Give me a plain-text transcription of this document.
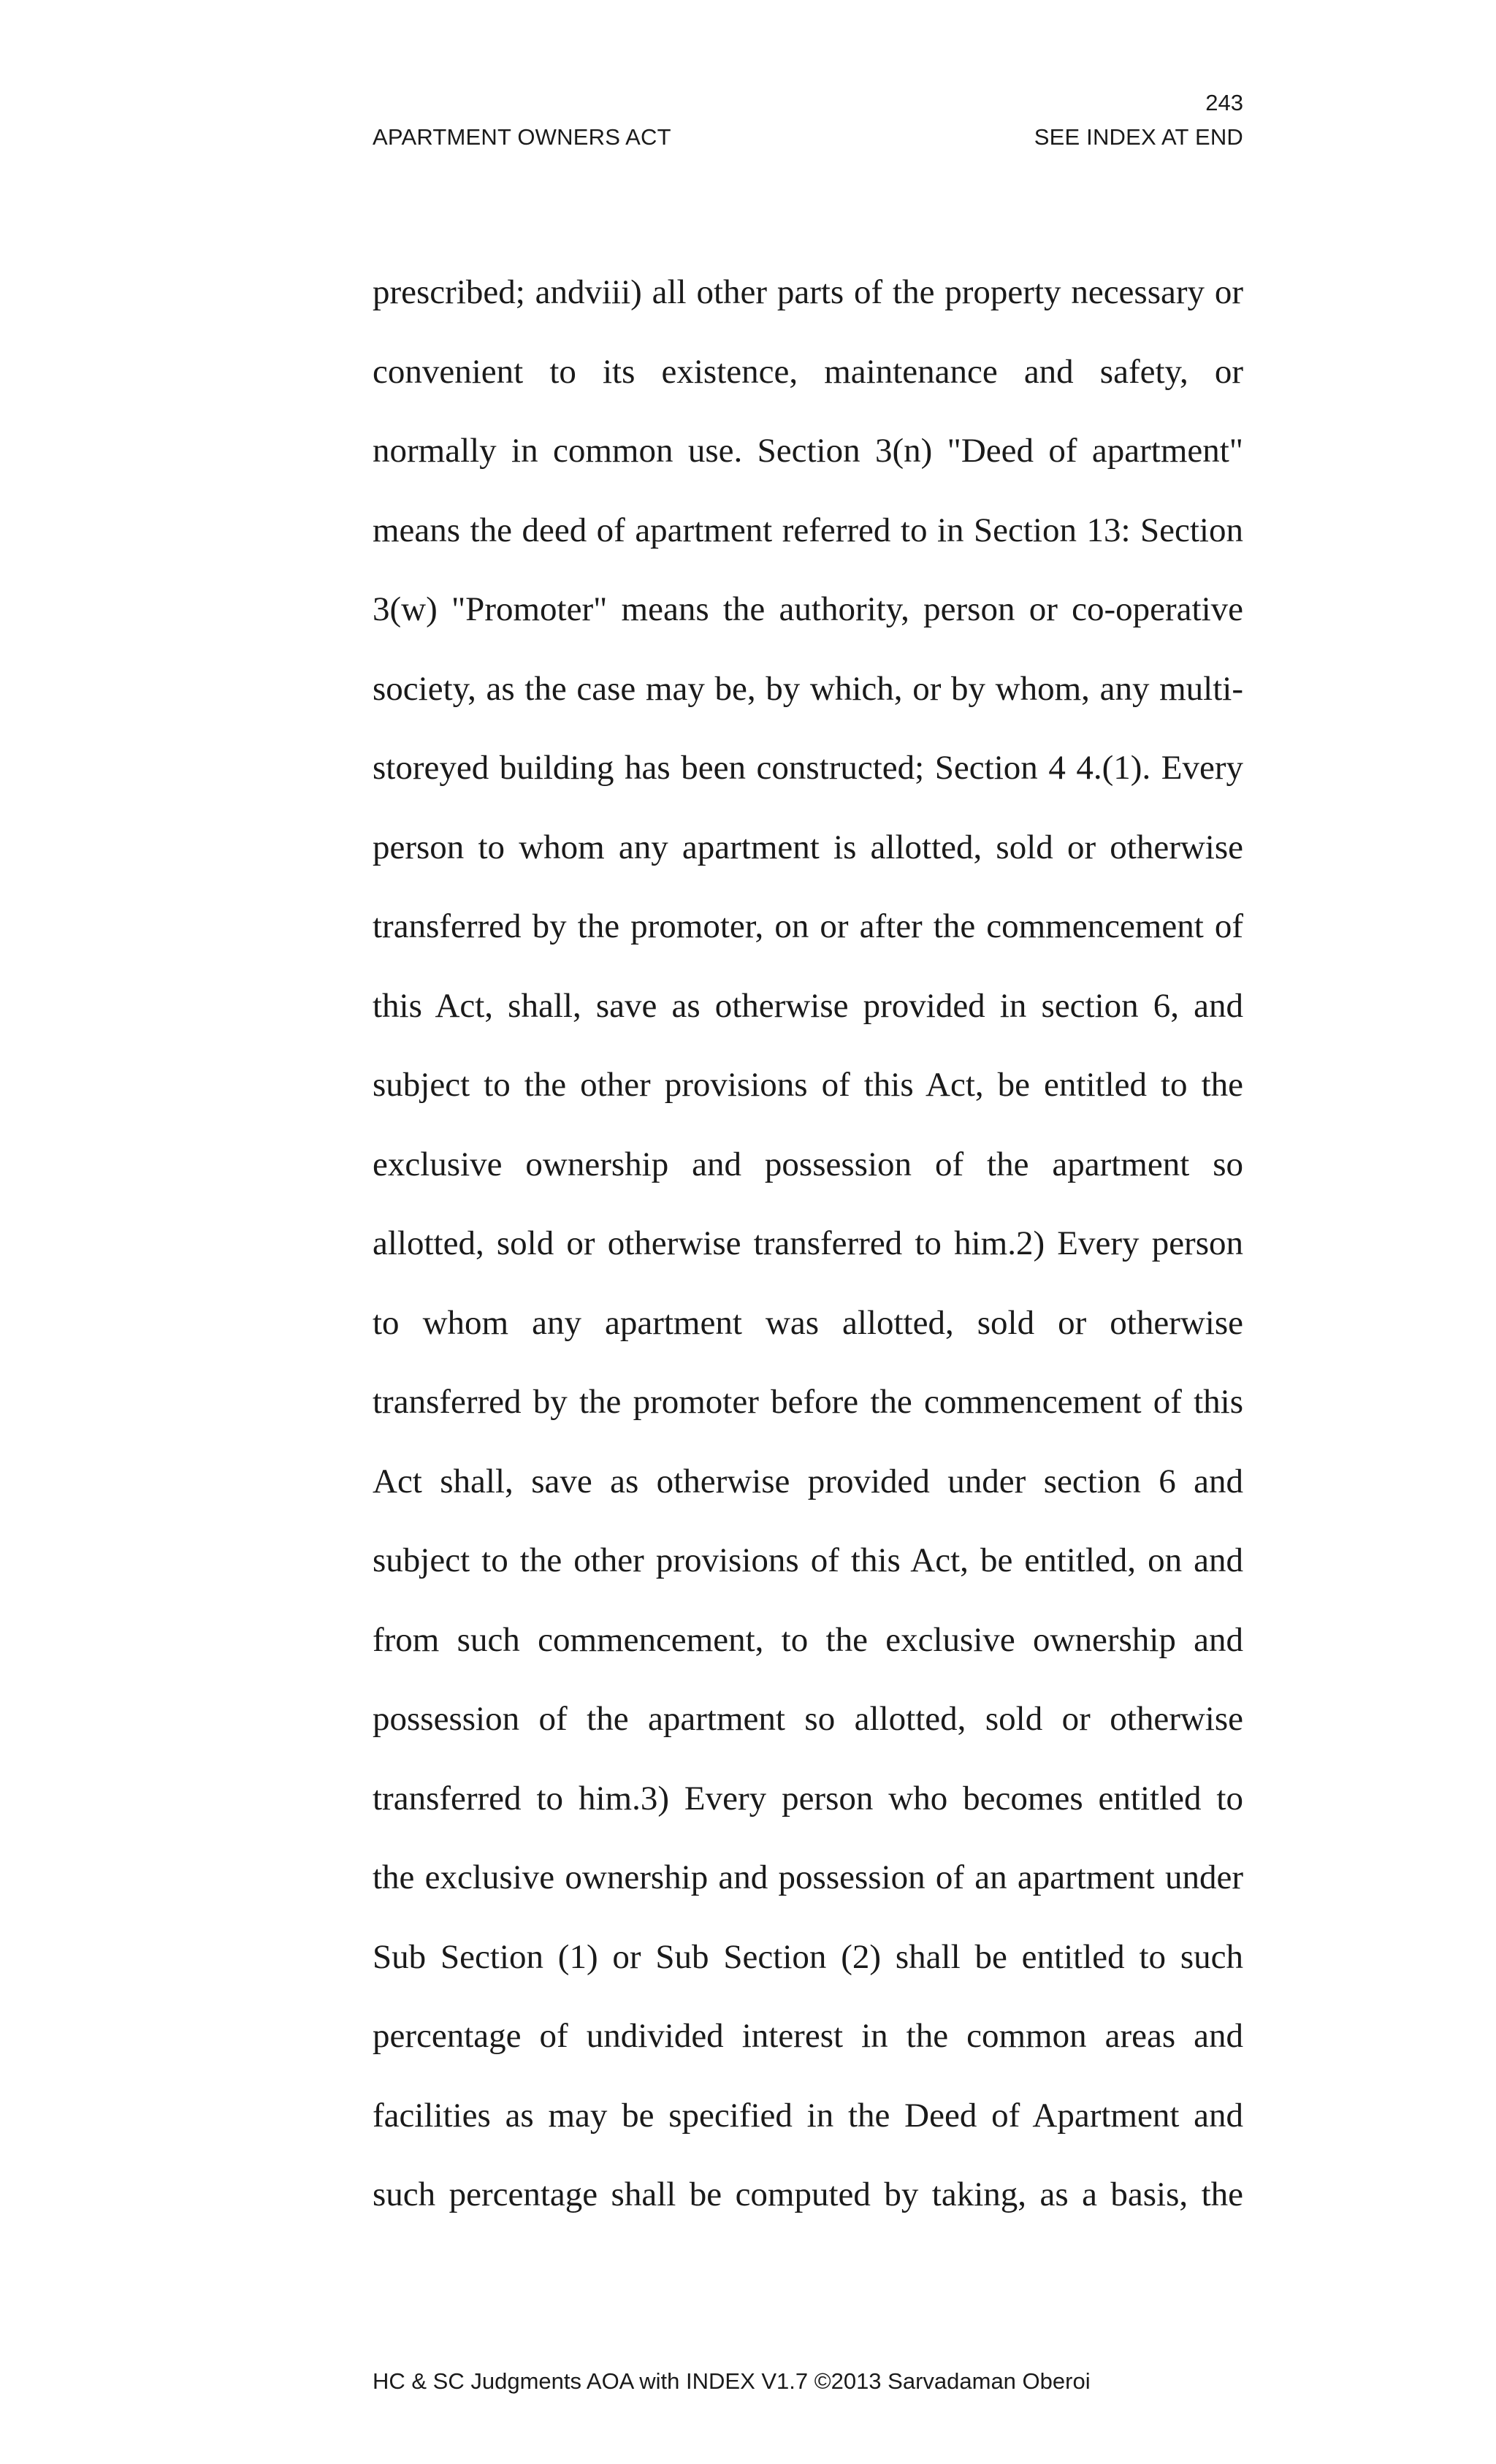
243
APARTMENT OWNERS ACT	SEE INDEX AT END
prescribed; andviii) all other parts of the property necessary or
convenient to its existence, maintenance and safety, or
normally in common use. Section 3(n) "Deed of apartment"
means the deed of apartment referred to in Section 13: Section
3(w) "Promoter" means the authority, person or co-operative
society, as the case may be, by which, or by whom, any multi-
storeyed building has been constructed; Section 4 4.(1). Every
person to whom any apartment is allotted, sold or otherwise
transferred by the promoter, on or after the commencement of
this Act, shall, save as otherwise provided in section 6, and
subject to the other provisions of this Act, be entitled to the
exclusive ownership and possession of the apartment so
allotted, sold or otherwise transferred to him.2) Every person
to whom any apartment was allotted, sold or otherwise
transferred by the promoter before the commencement of this
Act shall, save as otherwise provided under section 6 and
subject to the other provisions of this Act, be entitled, on and
from such commencement, to the exclusive ownership and
possession of the apartment so allotted, sold or otherwise
transferred to him.3) Every person who becomes entitled to
the exclusive ownership and possession of an apartment under
Sub Section (1) or Sub Section (2) shall be entitled to such
percentage of undivided interest in the common areas and
facilities as may be specified in the Deed of Apartment and
such percentage shall be computed by taking, as a basis, the
HC & SC Judgments AOA with INDEX V1.7 ©2013 Sarvadaman Oberoi
